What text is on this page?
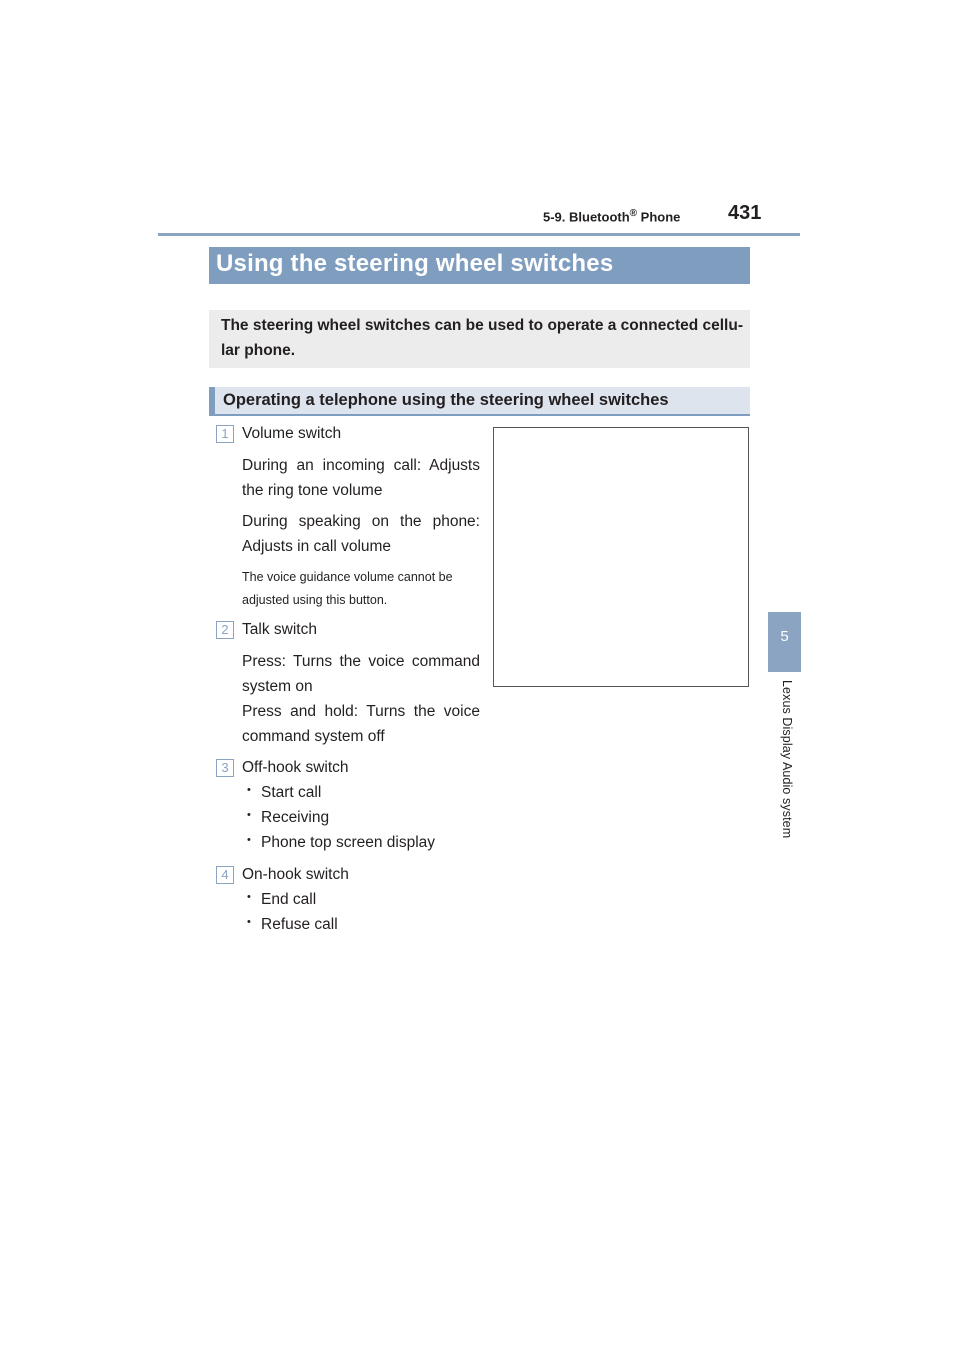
5-9. Bluetooth® Phone 431
5
Lexus Display Audio system
Using the steering wheel switches
The steering wheel switches can be used to operate a connected cellu-lar phone.
Operating a telephone using the steering wheel switches
1 Volume switch
During an incoming call: Adjusts the ring tone volume
During speaking on the phone: Adjusts in call volume
The voice guidance volume cannot be adjusted using this button.
2 Talk switch
Press: Turns the voice command system on
Press and hold: Turns the voice command system off
3 Off-hook switch
• Start call
• Receiving
• Phone top screen display
4 On-hook switch
• End call
• Refuse call
